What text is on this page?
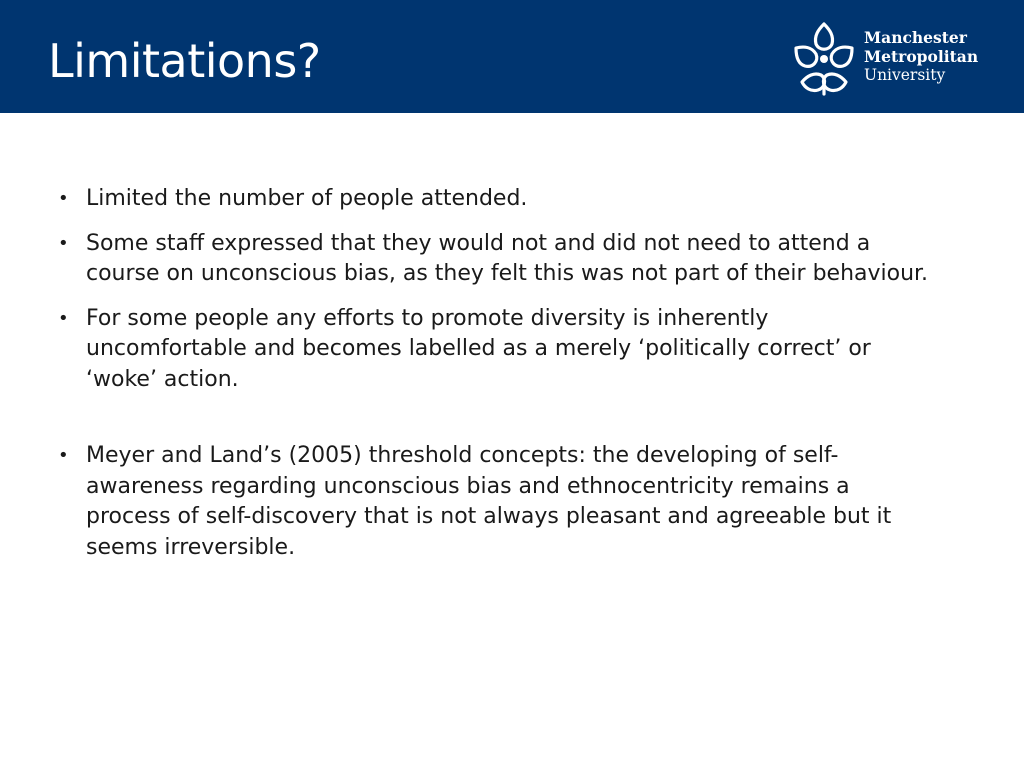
Limitations?	Manchester
Metropolitan
University
• Limited the number of people attended.
• Some staff expressed that they would not and did not need to attend a course on unconscious bias, as they felt this was not part of their behaviour.
• For some people any efforts to promote diversity is inherently uncomfortable and becomes labelled as a merely ‘politically correct’ or ‘woke’ action.
• Meyer and Land’s (2005) threshold concepts: the developing of self-awareness regarding unconscious bias and ethnocentricity remains a process of self-discovery that is not always pleasant and agreeable but it seems irreversible.
